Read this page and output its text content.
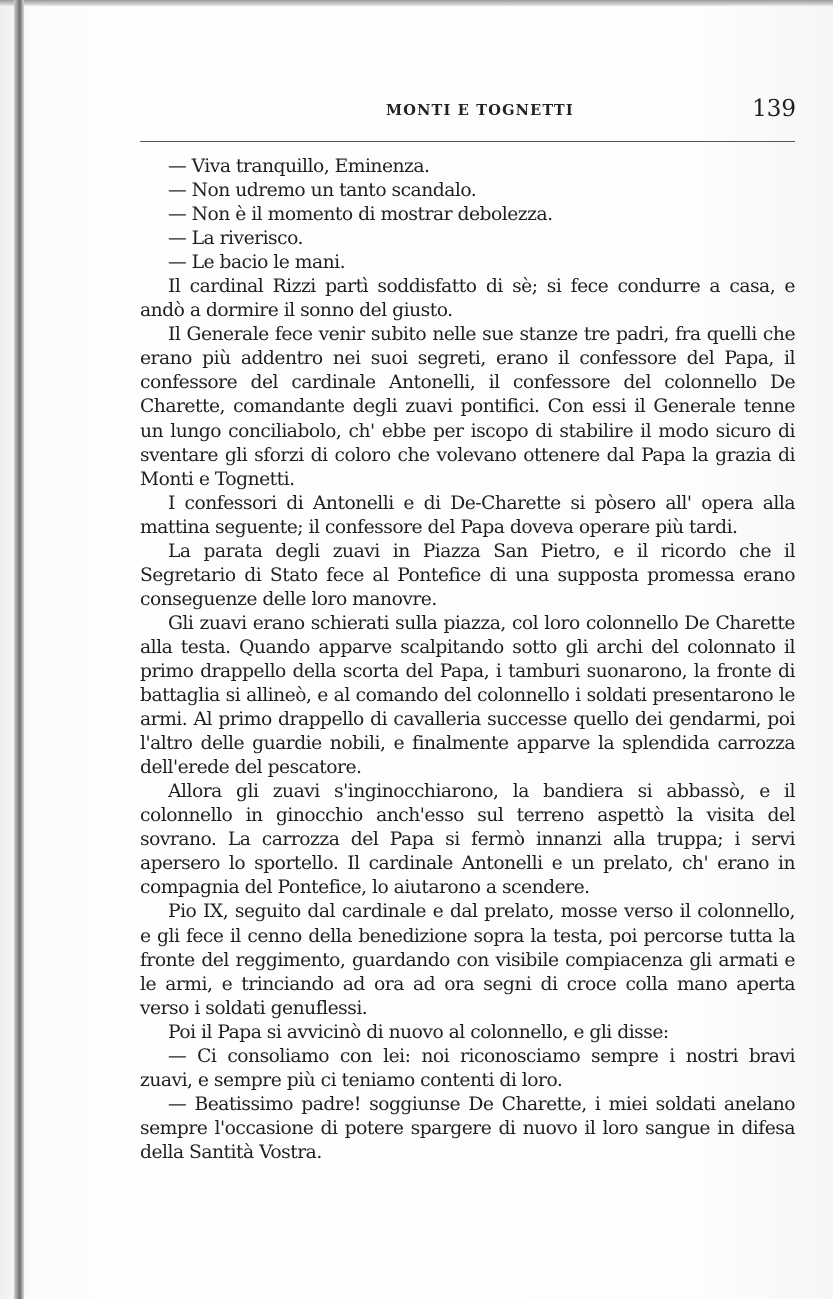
MONTI E TOGNETTI	139

— Viva tranquillo, Eminenza.

— Non udremo un tanto scandalo.

— Non è il momento di mostrar debolezza.

— La riverisco.

— Le bacio le mani.

Il cardinal Rizzi partì soddisfatto di sè; si fece condurre a casa, e andò a dormire il sonno del giusto.

Il Generale fece venir subito nelle sue stanze tre padri, fra quelli che erano più addentro nei suoi segreti, erano il confessore del Papa, il confessore del cardinale Antonelli, il confessore del colonnello De Charette, comandante degli zuavi pontifici. Con essi il Generale tenne un lungo conciliabolo, ch' ebbe per iscopo di stabilire il modo sicuro di sventare gli sforzi di coloro che volevano ottenere dal Papa la grazia di Monti e Tognetti.

I confessori di Antonelli e di De-Charette si pòsero all' opera alla mattina seguente; il confessore del Papa doveva operare più tardi.

La parata degli zuavi in Piazza San Pietro, e il ricordo che il Segretario di Stato fece al Pontefice di una supposta promessa erano conseguenze delle loro manovre.

Gli zuavi erano schierati sulla piazza, col loro colonnello De Charette alla testa. Quando apparve scalpitando sotto gli archi del colonnato il primo drappello della scorta del Papa, i tamburi suonarono, la fronte di battaglia si allineò, e al comando del colonnello i soldati presentarono le armi. Al primo drappello di cavalleria successe quello dei gendarmi, poi l'altro delle guardie nobili, e finalmente apparve la splendida carrozza dell'erede del pescatore.

Allora gli zuavi s'inginocchiarono, la bandiera si abbassò, e il colonnello in ginocchio anch'esso sul terreno aspettò la visita del sovrano. La carrozza del Papa si fermò innanzi alla truppa; i servi apersero lo sportello. Il cardinale Antonelli e un prelato, ch' erano in compagnia del Pontefice, lo aiutarono a scendere.

Pio IX, seguito dal cardinale e dal prelato, mosse verso il colonnello, e gli fece il cenno della benedizione sopra la testa, poi percorse tutta la fronte del reggimento, guardando con visibile compiacenza gli armati e le armi, e trinciando ad ora ad ora segni di croce colla mano aperta verso i soldati genuflessi.

Poi il Papa si avvicinò di nuovo al colonnello, e gli disse:

— Ci consoliamo con lei: noi riconosciamo sempre i nostri bravi zuavi, e sempre più ci teniamo contenti di loro.

— Beatissimo padre! soggiunse De Charette, i miei soldati anelano sempre l'occasione di potere spargere di nuovo il loro sangue in difesa della Santità Vostra.
